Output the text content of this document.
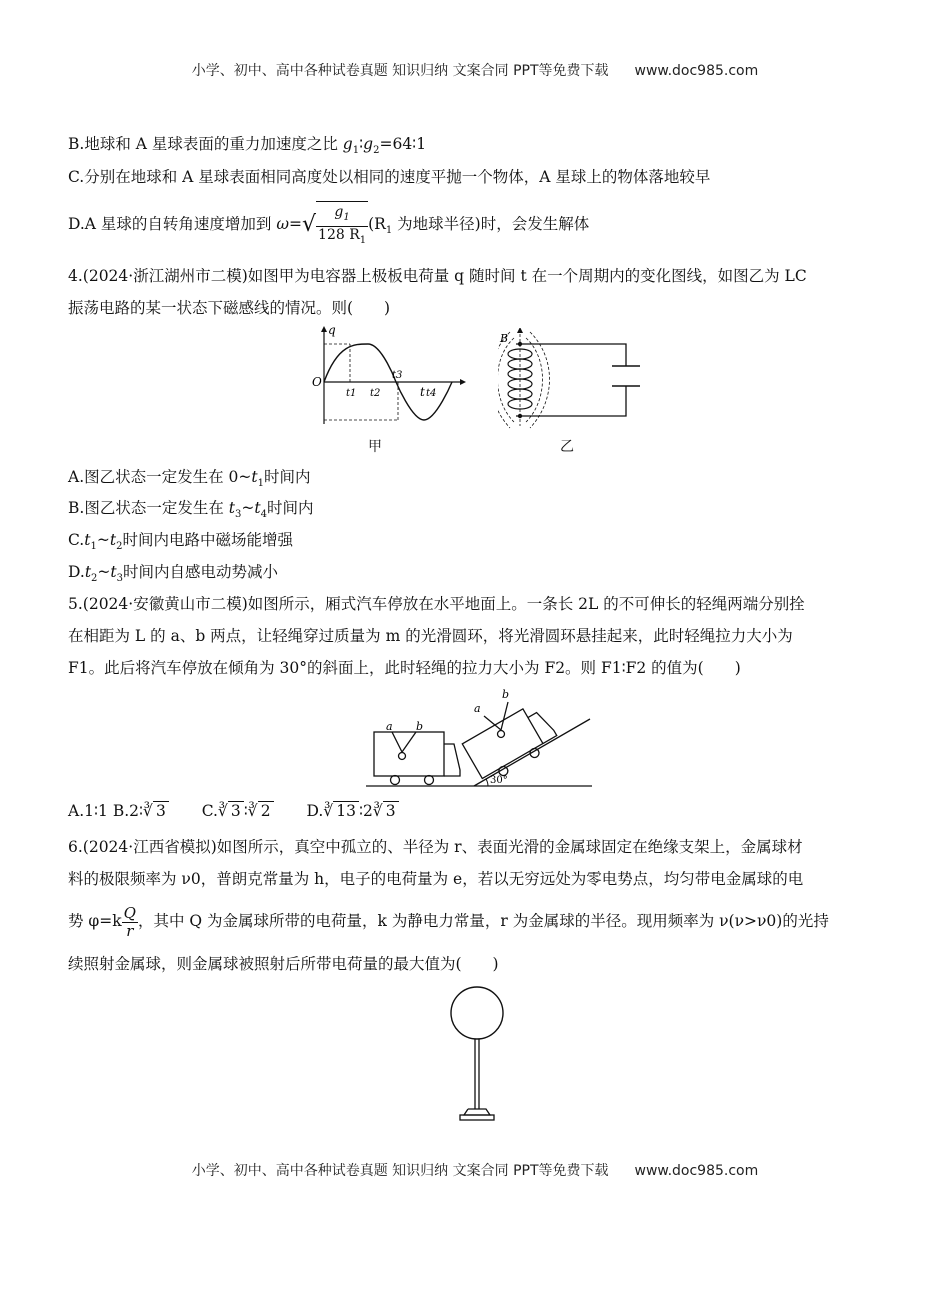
小学、初中、高中各种试卷真题 知识归纳 文案合同 PPT等免费下载 www.doc985.com
B.地球和 A 星球表面的重力加速度之比 $g_1∶g_2=64∶1$
C.分别在地球和 A 星球表面相同高度处以相同的速度平抛一个物体，A 星球上的物体落地较早
D.A 星球的自转角速度增加到 $\omega=√ \frac{g_1}{128 R_1} (R_1$ 为地球半径)时，会发生解体
4.(2024·浙江湖州市二模)如图甲为电容器上极板电荷量 q 随时间 t 在一个周期内的变化图线，如图乙为 LC
振荡电路的某一状态下磁感线的情况。则(　　)
q
O
t
t1 t2
t3
t4
甲
B
乙
A.图乙状态一定发生在 $0\sim t_1$时间内
B.图乙状态一定发生在 $t_3\sim t_4$时间内
$C.t_1\sim t_2$时间内电路中磁场能增强
$D.t_2\sim t_3$时间内自感电动势减小
5.(2024·安徽黄山市二模)如图所示，厢式汽车停放在水平地面上。一条长 2L 的不可伸长的轻绳两端分别拴
在相距为 L 的 a、b 两点，让轻绳穿过质量为 m 的光滑圆环，将光滑圆环悬挂起来，此时轻绳拉力大小为
F1。此后将汽车停放在倾角为 30°的斜面上，此时轻绳的拉力大小为 F2。则 F1∶F2 的值为(　　)
a b
a
b
30°
A.1∶1 B.2∶∛ 3 C.∛ 3 ∶∛ 2 D.∛ 13 ∶2∛ 3
6.(2024·江西省模拟)如图所示，真空中孤立的、半径为 r、表面光滑的金属球固定在绝缘支架上，金属球材
料的极限频率为 ν0，普朗克常量为 h，电子的电荷量为 e，若以无穷远处为零电势点，均匀带电金属球的电
势 $\varphi=k \frac{Q}{r}$ ，其中 Q 为金属球所带的电荷量，k 为静电力常量，r 为金属球的半径。现用频率为 ν(ν>ν0)的光持
续照射金属球，则金属球被照射后所带电荷量的最大值为(　　)
小学、初中、高中各种试卷真题 知识归纳 文案合同 PPT等免费下载 www.doc985.com
